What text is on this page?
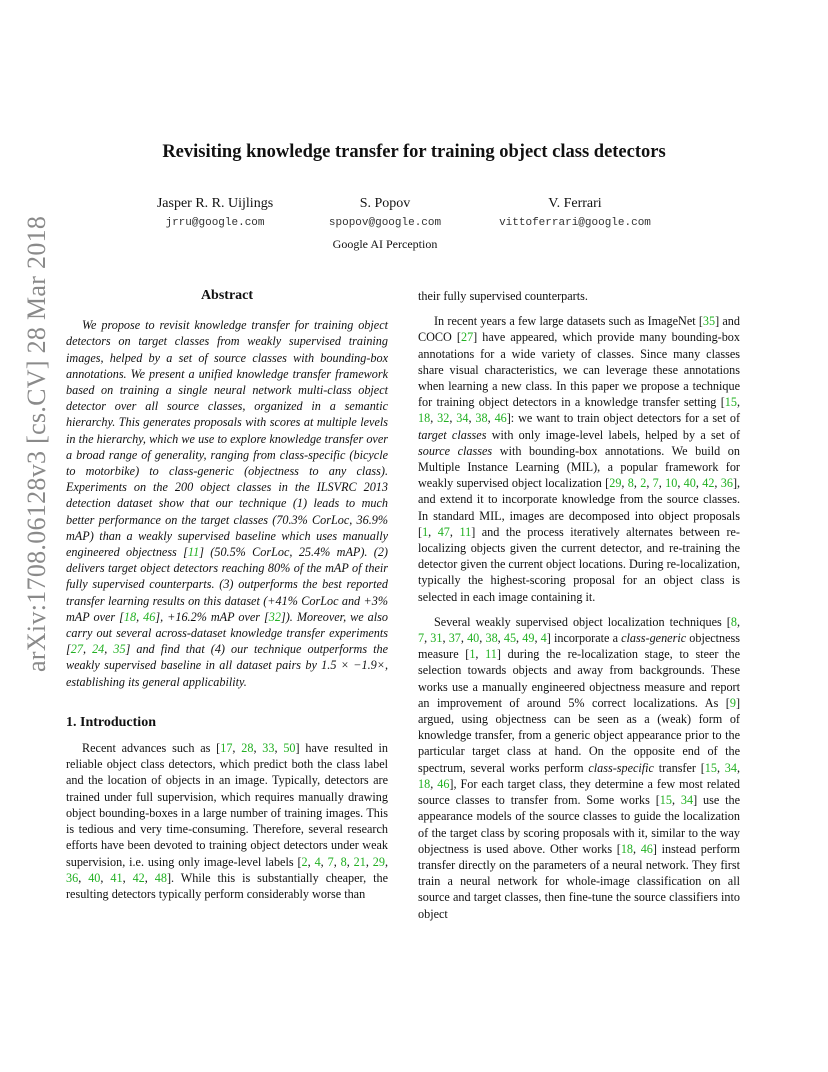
arXiv:1708.06128v3 [cs.CV] 28 Mar 2018
Revisiting knowledge transfer for training object class detectors
Jasper R. R. Uijlings
jrru@google.com
S. Popov
spopov@google.com
V. Ferrari
vittoferrari@google.com
Google AI Perception
Abstract

We propose to revisit knowledge transfer for training object detectors on target classes from weakly supervised training images, helped by a set of source classes with bounding-box annotations. We present a unified knowledge transfer framework based on training a single neural network multi-class object detector over all source classes, organized in a semantic hierarchy. This generates proposals with scores at multiple levels in the hierarchy, which we use to explore knowledge transfer over a broad range of generality, ranging from class-specific (bicycle to motorbike) to class-generic (objectness to any class). Experiments on the 200 object classes in the ILSVRC 2013 detection dataset show that our technique (1) leads to much better performance on the target classes (70.3% CorLoc, 36.9% mAP) than a weakly supervised baseline which uses manually engineered objectness [11] (50.5% CorLoc, 25.4% mAP). (2) delivers target object detectors reaching 80% of the mAP of their fully supervised counterparts. (3) outperforms the best reported transfer learning results on this dataset (+41% CorLoc and +3% mAP over [18, 46], +16.2% mAP over [32]). Moreover, we also carry out several across-dataset knowledge transfer experiments [27, 24, 35] and find that (4) our technique outperforms the weakly supervised baseline in all dataset pairs by 1.5 × −1.9×, establishing its general applicability.

1. Introduction

Recent advances such as [17, 28, 33, 50] have resulted in reliable object class detectors, which predict both the class label and the location of objects in an image. Typically, detectors are trained under full supervision, which requires manually drawing object bounding-boxes in a large number of training images. This is tedious and very time-consuming. Therefore, several research efforts have been devoted to training object detectors under weak supervision, i.e. using only image-level labels [2, 4, 7, 8, 21, 29, 36, 40, 41, 42, 48]. While this is substantially cheaper, the resulting detectors typically perform considerably worse than

their fully supervised counterparts.

In recent years a few large datasets such as ImageNet [35] and COCO [27] have appeared, which provide many bounding-box annotations for a wide variety of classes. Since many classes share visual characteristics, we can leverage these annotations when learning a new class. In this paper we propose a technique for training object detectors in a knowledge transfer setting [15, 18, 32, 34, 38, 46]: we want to train object detectors for a set of target classes with only image-level labels, helped by a set of source classes with bounding-box annotations. We build on Multiple Instance Learning (MIL), a popular framework for weakly supervised object localization [29, 8, 2, 7, 10, 40, 42, 36], and extend it to incorporate knowledge from the source classes. In standard MIL, images are decomposed into object proposals [1, 47, 11] and the process iteratively alternates between re-localizing objects given the current detector, and re-training the detector given the current object locations. During re-localization, typically the highest-scoring proposal for an object class is selected in each image containing it.

Several weakly supervised object localization techniques [8, 7, 31, 37, 40, 38, 45, 49, 4] incorporate a class-generic objectness measure [1, 11] during the re-localization stage, to steer the selection towards objects and away from backgrounds. These works use a manually engineered objectness measure and report an improvement of around 5% correct localizations. As [9] argued, using objectness can be seen as a (weak) form of knowledge transfer, from a generic object appearance prior to the particular target class at hand. On the opposite end of the spectrum, several works perform class-specific transfer [15, 34, 18, 46], For each target class, they determine a few most related source classes to transfer from. Some works [15, 34] use the appearance models of the source classes to guide the localization of the target class by scoring proposals with it, similar to the way objectness is used above. Other works [18, 46] instead perform transfer directly on the parameters of a neural network. They first train a neural network for whole-image classification on all source and target classes, then fine-tune the source classifiers into object
